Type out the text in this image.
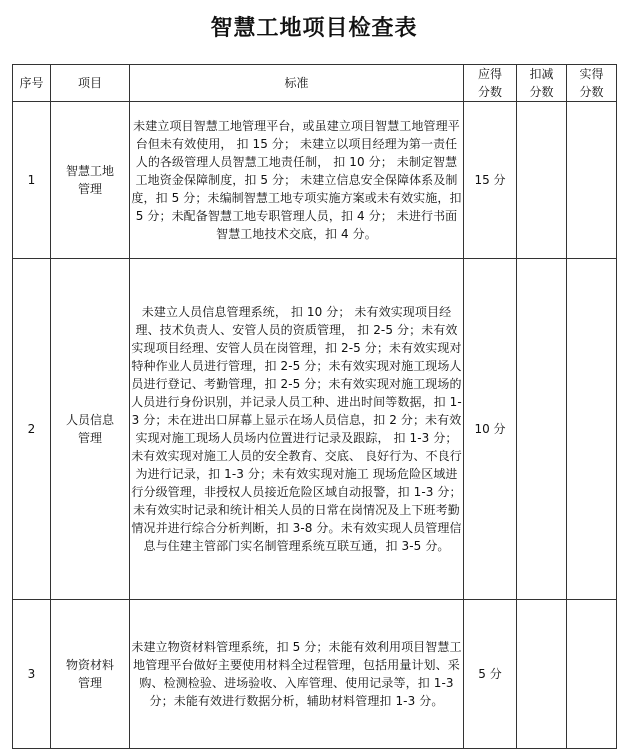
智慧工地项目检查表
序号	项目	标准	应得分数	扣减分数	实得分数
1	智慧工地管理	未建立项目智慧工地管理平台，或虽建立项目智慧工地管理平台但未有效使用， 扣 15 分； 未建立以项目经理为第一责任人的各级管理人员智慧工地责任制， 扣 10 分； 未制定智慧工地资金保障制度，扣 5 分； 未建立信息安全保障体系及制度，扣 5 分；未编制智慧工地专项实施方案或未有效实施，扣 5 分；未配备智慧工地专职管理人员，扣 4 分； 未进行书面智慧工地技术交底，扣 4 分。	15 分		
2	人员信息管理	未建立人员信息管理系统， 扣 10 分； 未有效实现项目经理、技术负责人、安管人员的资质管理， 扣 2-5 分；未有效实现项目经理、安管人员在岗管理，扣 2-5 分；未有效实现对特种作业人员进行管理，扣 2-5 分；未有效实现对施工现场人员进行登记、考勤管理，扣 2-5 分；未有效实现对施工现场的人员进行身份识别，并记录人员工种、进出时间等数据，扣 1-3 分；未在进出口屏幕上显示在场人员信息，扣 2 分；未有效实现对施工现场人员场内位置进行记录及跟踪， 扣 1-3 分；未有效实现对施工人员的安全教育、交底、 良好行为、不良行为进行记录，扣 1-3 分；未有效实现对施工 现场危险区域进行分级管理，非授权人员接近危险区域自动报警，扣 1-3 分；未有效实时记录和统计相关人员的日常在岗情况及上下班考勤情况并进行综合分析判断，扣 3-8 分。未有效实现人员管理信息与住建主管部门实名制管理系统互联互通，扣 3-5 分。	10 分		
3	物资材料管理	未建立物资材料管理系统，扣 5 分；未能有效利用项目智慧工地管理平台做好主要使用材料全过程管理，包括用量计划、采购、检测检验、进场验收、入库管理、使用记录等，扣 1-3 分；未能有效进行数据分析，辅助材料管理扣 1-3 分。	5 分		
